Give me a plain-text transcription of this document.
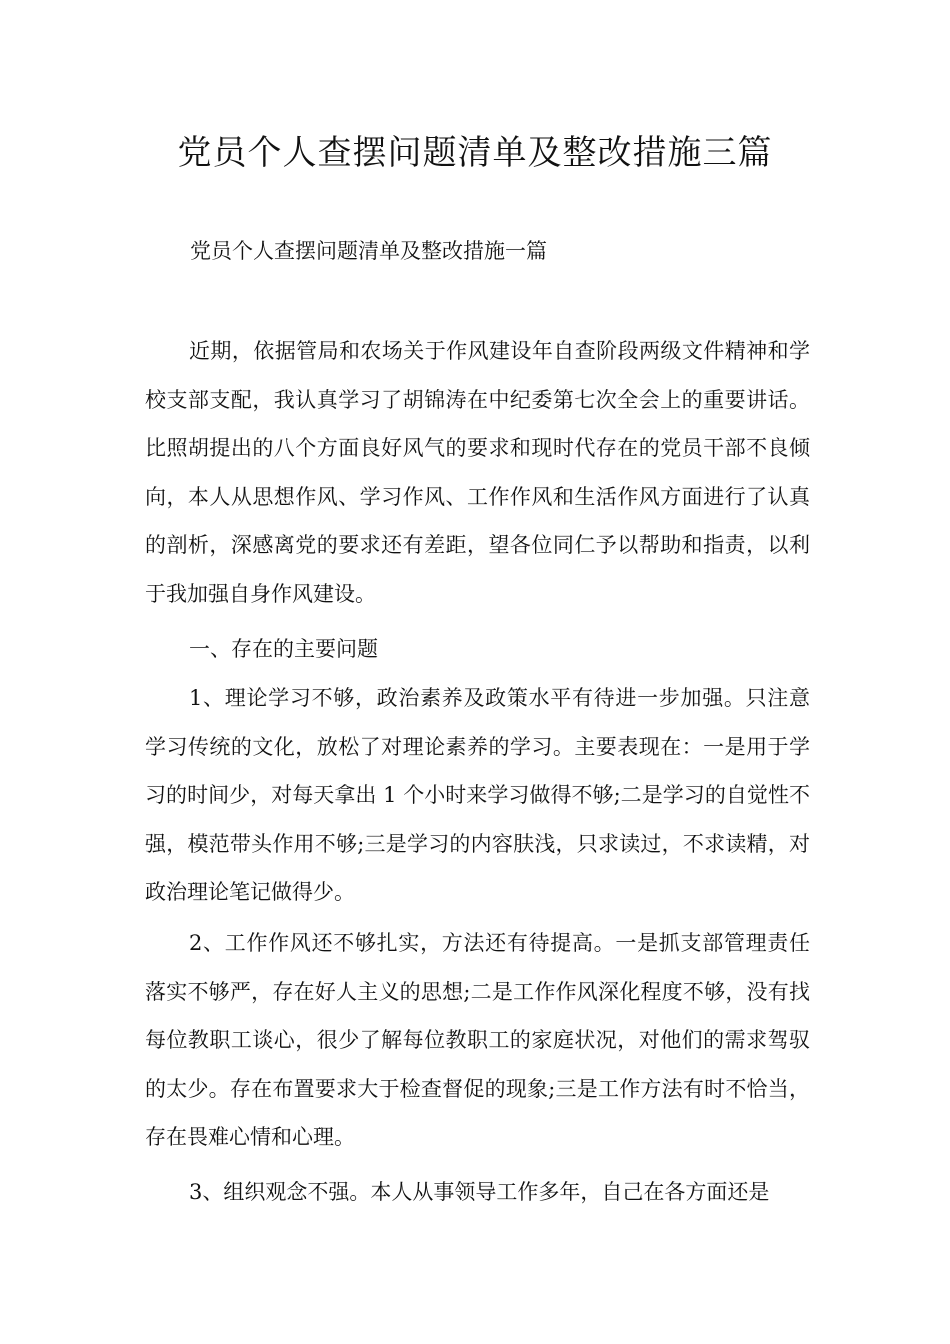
党员个人查摆问题清单及整改措施三篇
党员个人查摆问题清单及整改措施一篇

近期，依据管局和农场关于作风建设年自查阶段两级文件精神和学校支部支配，我认真学习了胡锦涛在中纪委第七次全会上的重要讲话。比照胡提出的八个方面良好风气的要求和现时代存在的党员干部不良倾向，本人从思想作风、学习作风、工作作风和生活作风方面进行了认真的剖析，深感离党的要求还有差距，望各位同仁予以帮助和指责，以利于我加强自身作风建设。

一、存在的主要问题

1、理论学习不够，政治素养及政策水平有待进一步加强。只注意学习传统的文化，放松了对理论素养的学习。主要表现在：一是用于学习的时间少，对每天拿出 1 个小时来学习做得不够;二是学习的自觉性不强，模范带头作用不够;三是学习的内容肤浅，只求读过，不求读精，对政治理论笔记做得少。

2、工作作风还不够扎实，方法还有待提高。一是抓支部管理责任落实不够严，存在好人主义的思想;二是工作作风深化程度不够，没有找每位教职工谈心，很少了解每位教职工的家庭状况，对他们的需求驾驭的太少。存在布置要求大于检查督促的现象;三是工作方法有时不恰当，存在畏难心情和心理。

3、组织观念不强。本人从事领导工作多年，自己在各方面还是
